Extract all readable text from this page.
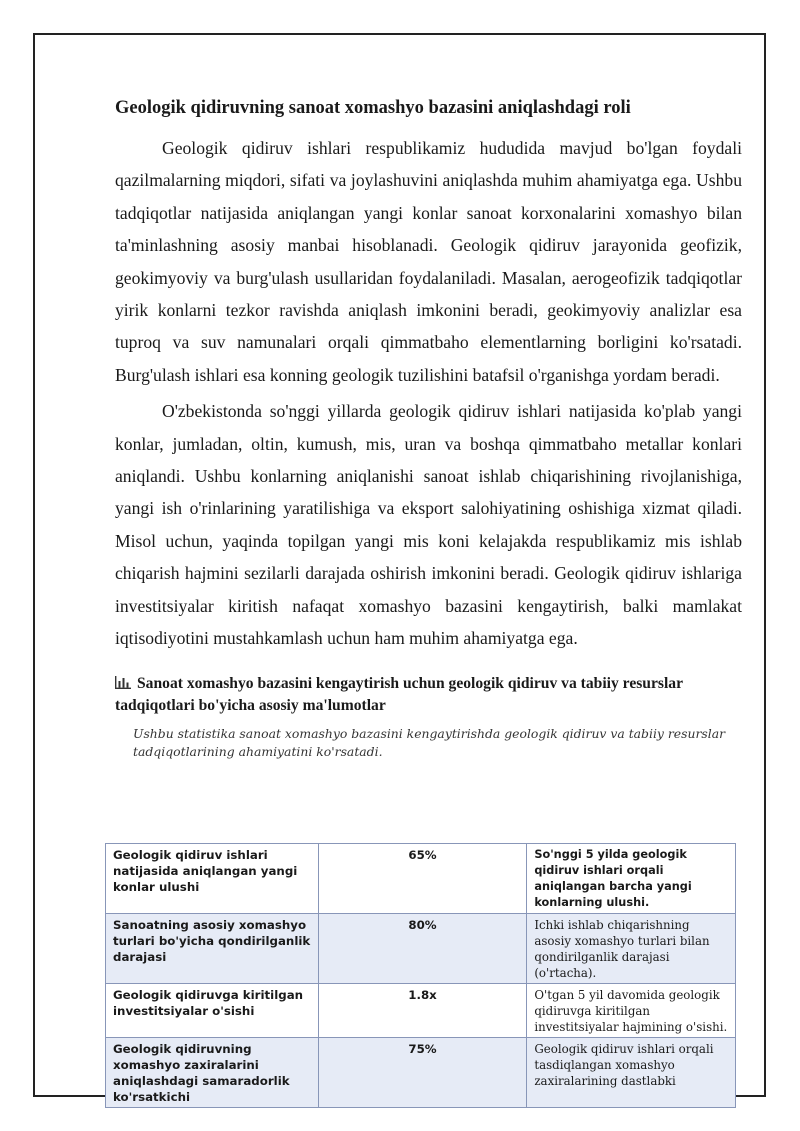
Geologik qidiruvning sanoat xomashyo bazasini aniqlashdagi roli

Geologik qidiruv ishlari respublikamiz hududida mavjud bo'lgan foydali qazilmalarning miqdori, sifati va joylashuvini aniqlashda muhim ahamiyatga ega. Ushbu tadqiqotlar natijasida aniqlangan yangi konlar sanoat korxonalarini xomashyo bilan ta'minlashning asosiy manbai hisoblanadi. Geologik qidiruv jarayonida geofizik, geokimyoviy va burg'ulash usullaridan foydalaniladi. Masalan, aerogeofizik tadqiqotlar yirik konlarni tezkor ravishda aniqlash imkonini beradi, geokimyoviy analizlar esa tuproq va suv namunalari orqali qimmatbaho elementlarning borligini ko'rsatadi. Burg'ulash ishlari esa konning geologik tuzilishini batafsil o'rganishga yordam beradi.

O'zbekistonda so'nggi yillarda geologik qidiruv ishlari natijasida ko'plab yangi konlar, jumladan, oltin, kumush, mis, uran va boshqa qimmatbaho metallar konlari aniqlandi. Ushbu konlarning aniqlanishi sanoat ishlab chiqarishining rivojlanishiga, yangi ish o'rinlarining yaratilishiga va eksport salohiyatining oshishiga xizmat qiladi. Misol uchun, yaqinda topilgan yangi mis koni kelajakda respublikamiz mis ishlab chiqarish hajmini sezilarli darajada oshirish imkonini beradi. Geologik qidiruv ishlariga investitsiyalar kiritish nafaqat xomashyo bazasini kengaytirish, balki mamlakat iqtisodiyotini mustahkamlash uchun ham muhim ahamiyatga ega.

Sanoat xomashyo bazasini kengaytirish uchun geologik qidiruv va tabiiy resurslar tadqiqotlari bo'yicha asosiy ma'lumotlar
Ushbu statistika sanoat xomashyo bazasini kengaytirishda geologik qidiruv va tabiiy resurslar tadqiqotlarining ahamiyatini ko'rsatadi.
Geologik qidiruv ishlari natijasida aniqlangan yangi konlar ulushi	65%	So'nggi 5 yilda geologik qidiruv ishlari orqali aniqlangan barcha yangi konlarning ulushi.
Sanoatning asosiy xomashyo turlari bo'yicha qondirilganlik darajasi	80%	Ichki ishlab chiqarishning asosiy xomashyo turlari bilan qondirilganlik darajasi (o'rtacha).
Geologik qidiruvga kiritilgan investitsiyalar o'sishi	1.8x	O'tgan 5 yil davomida geologik qidiruvga kiritilgan investitsiyalar hajmining o'sishi.
Geologik qidiruvning xomashyo zaxiralarini aniqlashdagi samaradorlik ko'rsatkichi	75%	Geologik qidiruv ishlari orqali tasdiqlangan xomashyo zaxiralarining dastlabki
